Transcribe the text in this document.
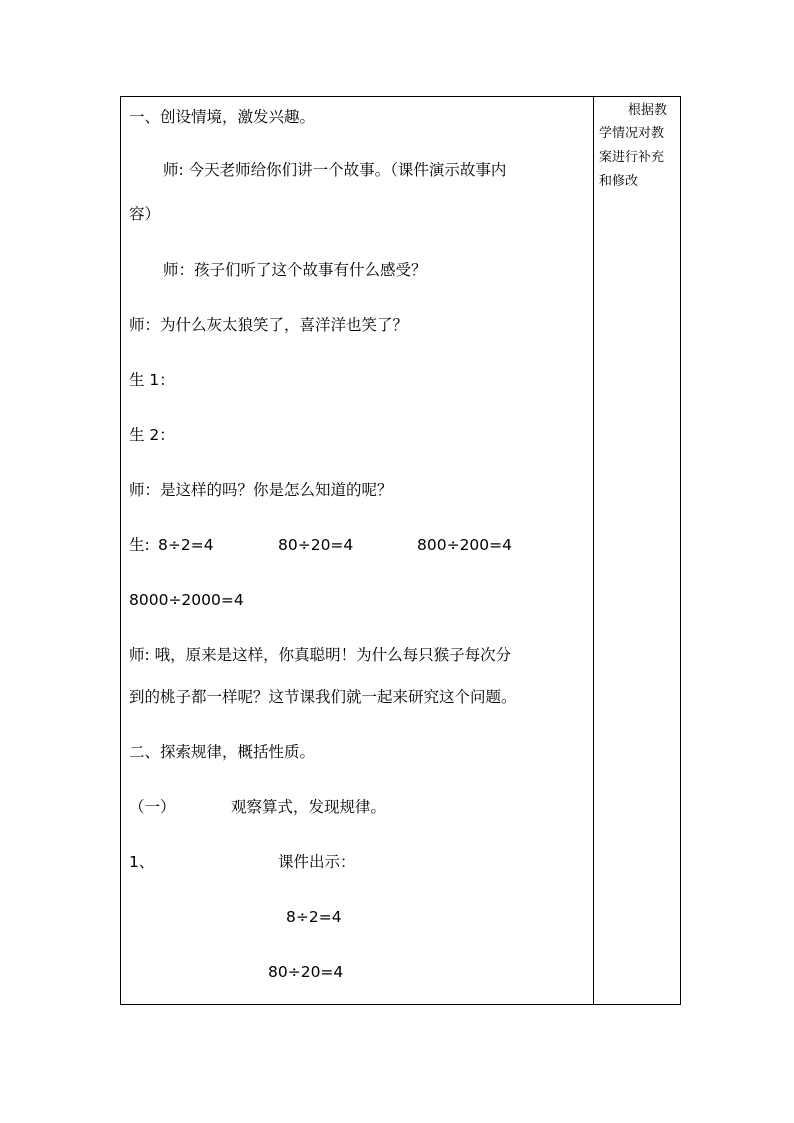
一、创设情境，激发兴趣。
师: 今天老师给你们讲一个故事。（课件演示故事内
容）
师：孩子们听了这个故事有什么感受？
师：为什么灰太狼笑了，喜洋洋也笑了？
生 1：
生 2：
师：是这样的吗？你是怎么知道的呢？
生: 8÷2=4	80÷20=4	800÷200=4
8000÷2000=4
师: 哦，原来是这样，你真聪明！为什么每只猴子每次分
到的桃子都一样呢？这节课我们就一起来研究这个问题。
二、探索规律，概括性质。
（一）	观察算式，发现规律。
1、	课件出示：
8÷2=4
80÷20=4
根据教
学情况对教
案进行补充
和修改
